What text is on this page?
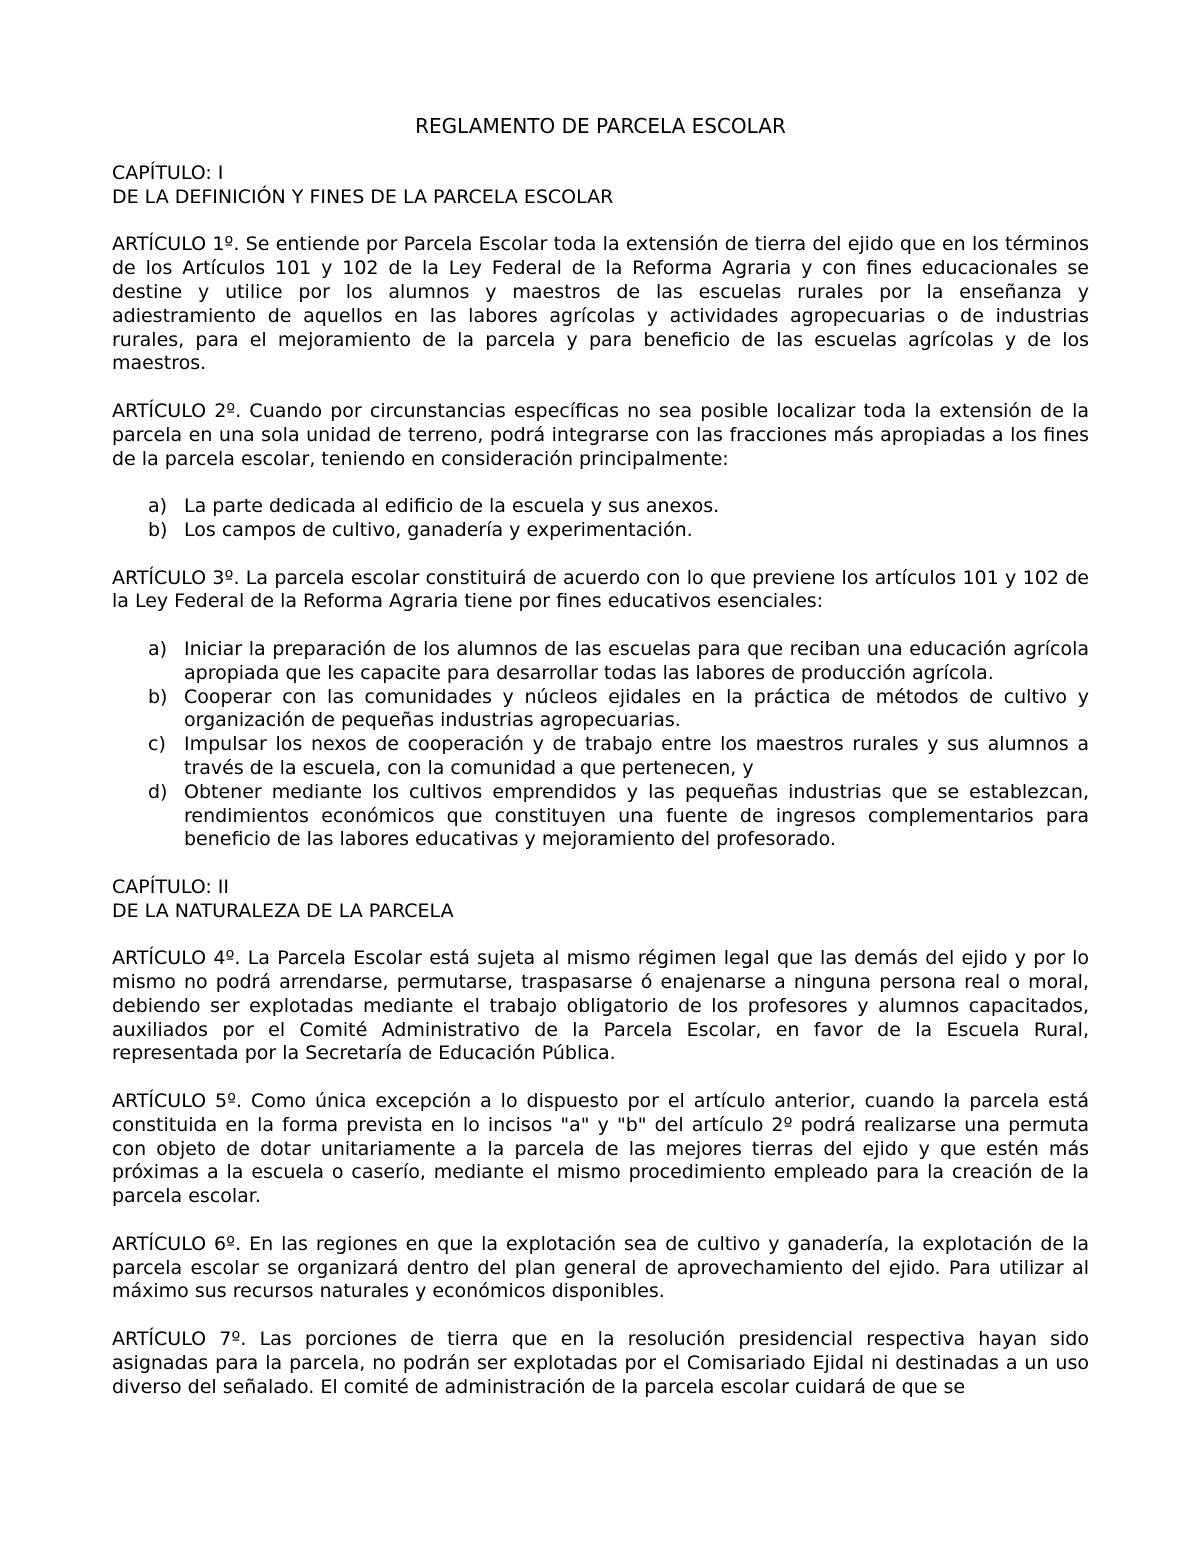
REGLAMENTO DE PARCELA ESCOLAR
CAPÍTULO: I
DE LA DEFINICIÓN Y FINES DE LA PARCELA ESCOLAR

ARTÍCULO 1º. Se entiende por Parcela Escolar toda la extensión de tierra del ejido que en los términos de los Artículos 101 y 102 de la Ley Federal de la Reforma Agraria y con fines educacionales se destine y utilice por los alumnos y maestros de las escuelas rurales por la enseñanza y adiestramiento de aquellos en las labores agrícolas y actividades agropecuarias o de industrias rurales, para el mejoramiento de la parcela y para beneficio de las escuelas agrícolas y de los maestros.

ARTÍCULO 2º. Cuando por circunstancias específicas no sea posible localizar toda la extensión de la parcela en una sola unidad de terreno, podrá integrarse con las fracciones más apropiadas a los fines de la parcela escolar, teniendo en consideración principalmente:

a) La parte dedicada al edificio de la escuela y sus anexos.
b) Los campos de cultivo, ganadería y experimentación.

ARTÍCULO 3º. La parcela escolar constituirá de acuerdo con lo que previene los artículos 101 y 102 de la Ley Federal de la Reforma Agraria tiene por fines educativos esenciales:

a) Iniciar la preparación de los alumnos de las escuelas para que reciban una educación agrícola apropiada que les capacite para desarrollar todas las labores de producción agrícola.
b) Cooperar con las comunidades y núcleos ejidales en la práctica de métodos de cultivo y organización de pequeñas industrias agropecuarias.
c) Impulsar los nexos de cooperación y de trabajo entre los maestros rurales y sus alumnos a través de la escuela, con la comunidad a que pertenecen, y
d) Obtener mediante los cultivos emprendidos y las pequeñas industrias que se establezcan, rendimientos económicos que constituyen una fuente de ingresos complementarios para beneficio de las labores educativas y mejoramiento del profesorado.
CAPÍTULO: II
DE LA NATURALEZA DE LA PARCELA

ARTÍCULO 4º. La Parcela Escolar está sujeta al mismo régimen legal que las demás del ejido y por lo mismo no podrá arrendarse, permutarse, traspasarse ó enajenarse a ninguna persona real o moral, debiendo ser explotadas mediante el trabajo obligatorio de los profesores y alumnos capacitados, auxiliados por el Comité Administrativo de la Parcela Escolar, en favor de la Escuela Rural, representada por la Secretaría de Educación Pública.

ARTÍCULO 5º. Como única excepción a lo dispuesto por el artículo anterior, cuando la parcela está constituida en la forma prevista en lo incisos "a" y "b" del artículo 2º podrá realizarse una permuta con objeto de dotar unitariamente a la parcela de las mejores tierras del ejido y que estén más próximas a la escuela o caserío, mediante el mismo procedimiento empleado para la creación de la parcela escolar.

ARTÍCULO 6º. En las regiones en que la explotación sea de cultivo y ganadería, la explotación de la parcela escolar se organizará dentro del plan general de aprovechamiento del ejido. Para utilizar al máximo sus recursos naturales y económicos disponibles.

ARTÍCULO 7º. Las porciones de tierra que en la resolución presidencial respectiva hayan sido asignadas para la parcela, no podrán ser explotadas por el Comisariado Ejidal ni destinadas a un uso diverso del señalado. El comité de administración de la parcela escolar cuidará de que se
